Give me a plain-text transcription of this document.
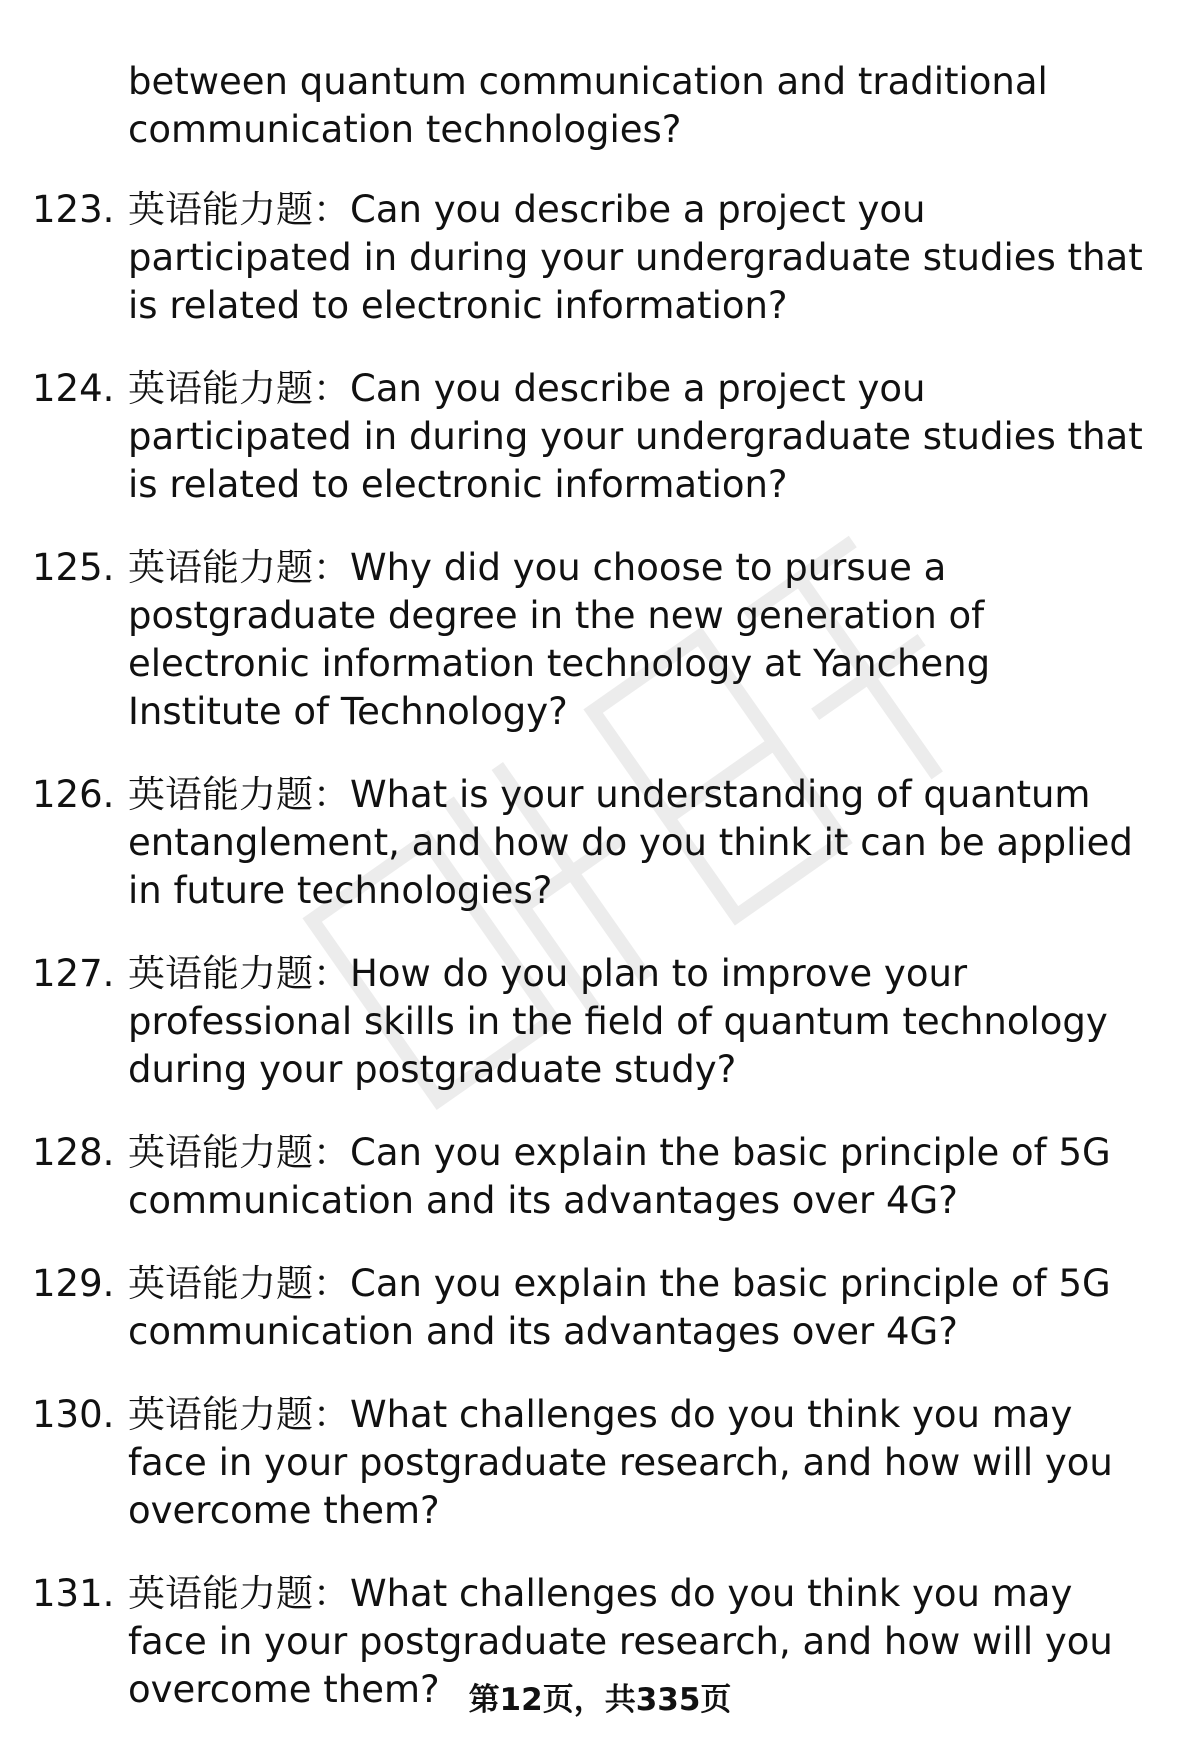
between quantum communication and traditional communication technologies?
123. 英语能力题：Can you describe a project you participated in during your undergraduate studies that is related to electronic information?
124. 英语能力题：Can you describe a project you participated in during your undergraduate studies that is related to electronic information?
125. 英语能力题：Why did you choose to pursue a postgraduate degree in the new generation of electronic information technology at Yancheng Institute of Technology?
126. 英语能力题：What is your understanding of quantum entanglement, and how do you think it can be applied in future technologies?
127. 英语能力题：How do you plan to improve your professional skills in the field of quantum technology during your postgraduate study?
128. 英语能力题：Can you explain the basic principle of 5G communication and its advantages over 4G?
129. 英语能力题：Can you explain the basic principle of 5G communication and its advantages over 4G?
130. 英语能力题：What challenges do you think you may face in your postgraduate research, and how will you overcome them?
131. 英语能力题：What challenges do you think you may face in your postgraduate research, and how will you overcome them? 第12页，共335页
